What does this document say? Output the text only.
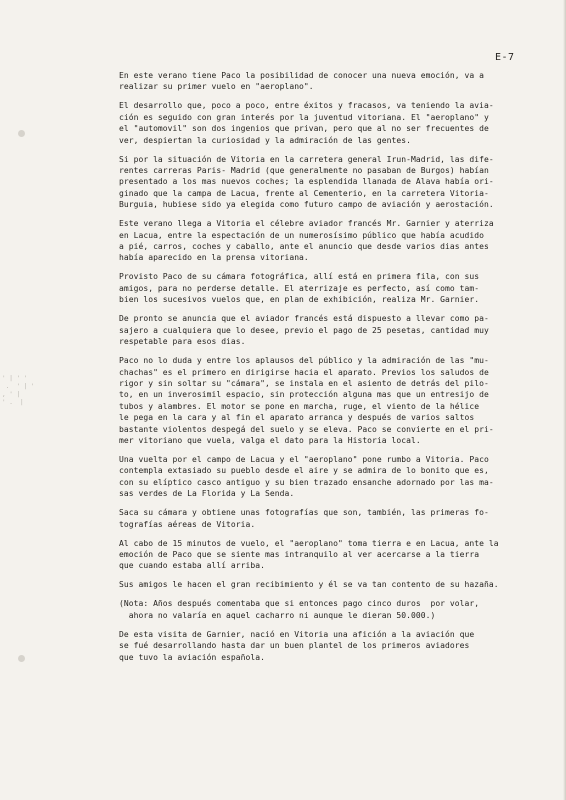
' | ' '
.  ' | '
, ' |
' .  |
E-7

En este verano tiene Paco la posibilidad de conocer una nueva emoción, va a
realizar su primer vuelo en "aeroplano".

El desarrollo que, poco a poco, entre éxitos y fracasos, va teniendo la avia-
ción es seguido con gran interés por la juventud vitoriana. El "aeroplano" y
el "automovil" son dos ingenios que privan, pero que al no ser frecuentes de
ver, despiertan la curiosidad y la admiración de las gentes.

Si por la situación de Vitoria en la carretera general Irun-Madrid, las dife-
rentes carreras Paris- Madrid (que generalmente no pasaban de Burgos) habían
presentado a los mas nuevos coches; la esplendida llanada de Alava había ori-
ginado que la campa de Lacua, frente al Cementerio, en la carretera Vitoria-
Burguia, hubiese sido ya elegida como futuro campo de aviación y aerostación.

Este verano llega a Vitoria el célebre aviador francés Mr. Garnier y aterriza
en Lacua, entre la espectación de un numerosísimo público que había acudido
a pié, carros, coches y caballo, ante el anuncio que desde varios dias antes
había aparecido en la prensa vitoriana.

Provisto Paco de su cámara fotográfica, allí está en primera fila, con sus
amigos, para no perderse detalle. El aterrizaje es perfecto, así como tam-
bien los sucesivos vuelos que, en plan de exhibición, realiza Mr. Garnier.

De pronto se anuncia que el aviador francés está dispuesto a llevar como pa-
sajero a cualquiera que lo desee, previo el pago de 25 pesetas, cantidad muy
respetable para esos dias.

Paco no lo duda y entre los aplausos del público y la admiración de las "mu-
chachas" es el primero en dirigirse hacia el aparato. Previos los saludos de
rigor y sin soltar su "cámara", se instala en el asiento de detrás del pilo-
to, en un inverosimil espacio, sin protección alguna mas que un entresijo de
tubos y alambres. El motor se pone en marcha, ruge, el viento de la hélice
le pega en la cara y al fin el aparato arranca y después de varios saltos
bastante violentos despegá del suelo y se eleva. Paco se convierte en el pri-
mer vitoriano que vuela, valga el dato para la Historia local.

Una vuelta por el campo de Lacua y el "aeroplano" pone rumbo a Vitoria. Paco
contempla extasiado su pueblo desde el aire y se admira de lo bonito que es,
con su elíptico casco antiguo y su bien trazado ensanche adornado por las ma-
sas verdes de La Florida y La Senda.

Saca su cámara y obtiene unas fotografías que son, también, las primeras fo-
tografías aéreas de Vitoria.

Al cabo de 15 minutos de vuelo, el "aeroplano" toma tierra e en Lacua, ante la
emoción de Paco que se siente mas intranquilo al ver acercarse a la tierra
que cuando estaba allí arriba.

Sus amigos le hacen el gran recibimiento y él se va tan contento de su hazaña.

(Nota: Años después comentaba que si entonces pago cinco duros  por volar,
ahora no valaría en aquel cacharro ni aunque le dieran 50.000.)

De esta visita de Garnier, nació en Vitoria una afición a la aviación que
se fué desarrollando hasta dar un buen plantel de los primeros aviadores
que tuvo la aviación española.
